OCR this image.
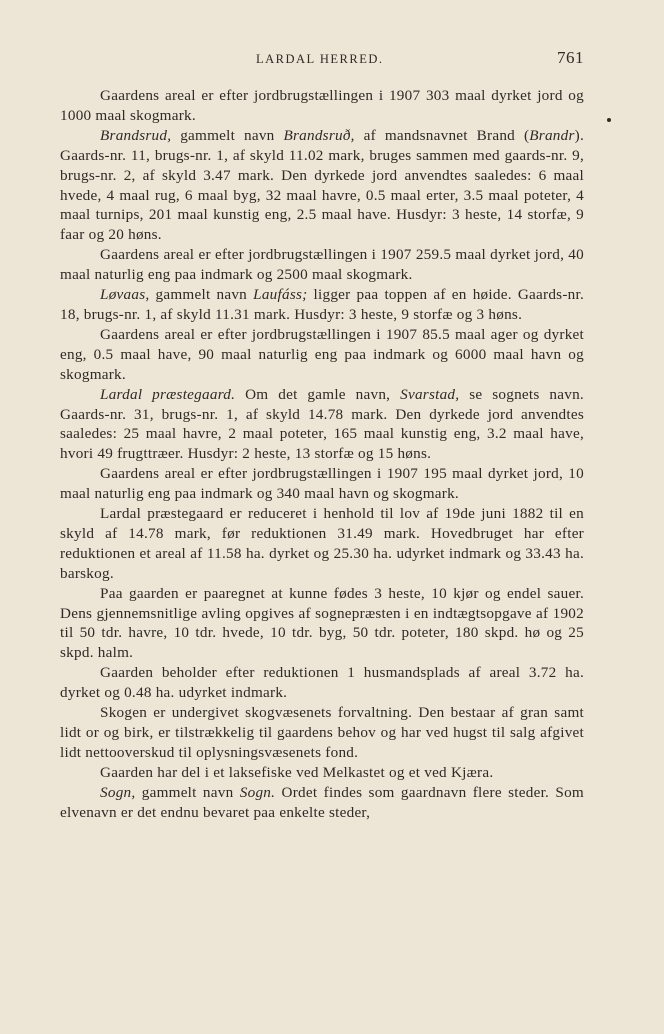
LARDAL HERRED.	761

Gaardens areal er efter jordbrugstællingen i 1907 303 maal dyrket jord og 1000 maal skogmark.

Brandsrud, gammelt navn Brandsruð, af mandsnavnet Brand (Brandr). Gaards-nr. 11, brugs-nr. 1, af skyld 11.02 mark, bruges sammen med gaards-nr. 9, brugs-nr. 2, af skyld 3.47 mark. Den dyrkede jord anvendtes saaledes: 6 maal hvede, 4 maal rug, 6 maal byg, 32 maal havre, 0.5 maal erter, 3.5 maal poteter, 4 maal turnips, 201 maal kunstig eng, 2.5 maal have. Husdyr: 3 heste, 14 storfæ, 9 faar og 20 høns.

Gaardens areal er efter jordbrugstællingen i 1907 259.5 maal dyrket jord, 40 maal naturlig eng paa indmark og 2500 maal skogmark.

Løvaas, gammelt navn Laufáss; ligger paa toppen af en høide. Gaards-nr. 18, brugs-nr. 1, af skyld 11.31 mark. Husdyr: 3 heste, 9 storfæ og 3 høns.

Gaardens areal er efter jordbrugstællingen i 1907 85.5 maal ager og dyrket eng, 0.5 maal have, 90 maal naturlig eng paa indmark og 6000 maal havn og skogmark.

Lardal præstegaard. Om det gamle navn, Svarstad, se sognets navn. Gaards-nr. 31, brugs-nr. 1, af skyld 14.78 mark. Den dyrkede jord anvendtes saaledes: 25 maal havre, 2 maal poteter, 165 maal kunstig eng, 3.2 maal have, hvori 49 frugttræer. Husdyr: 2 heste, 13 storfæ og 15 høns.

Gaardens areal er efter jordbrugstællingen i 1907 195 maal dyrket jord, 10 maal naturlig eng paa indmark og 340 maal havn og skogmark.

Lardal præstegaard er reduceret i henhold til lov af 19de juni 1882 til en skyld af 14.78 mark, før reduktionen 31.49 mark. Hovedbruget har efter reduktionen et areal af 11.58 ha. dyrket og 25.30 ha. udyrket indmark og 33.43 ha. barskog.

Paa gaarden er paaregnet at kunne fødes 3 heste, 10 kjør og endel sauer. Dens gjennemsnitlige avling opgives af sognepræsten i en indtægtsopgave af 1902 til 50 tdr. havre, 10 tdr. hvede, 10 tdr. byg, 50 tdr. poteter, 180 skpd. hø og 25 skpd. halm.

Gaarden beholder efter reduktionen 1 husmandsplads af areal 3.72 ha. dyrket og 0.48 ha. udyrket indmark.

Skogen er undergivet skogvæsenets forvaltning. Den bestaar af gran samt lidt or og birk, er tilstrækkelig til gaardens behov og har ved hugst til salg afgivet lidt nettooverskud til oplysningsvæsenets fond.

Gaarden har del i et laksefiske ved Melkastet og et ved Kjæra.

Sogn, gammelt navn Sogn. Ordet findes som gaardnavn flere steder. Som elvenavn er det endnu bevaret paa enkelte steder,
